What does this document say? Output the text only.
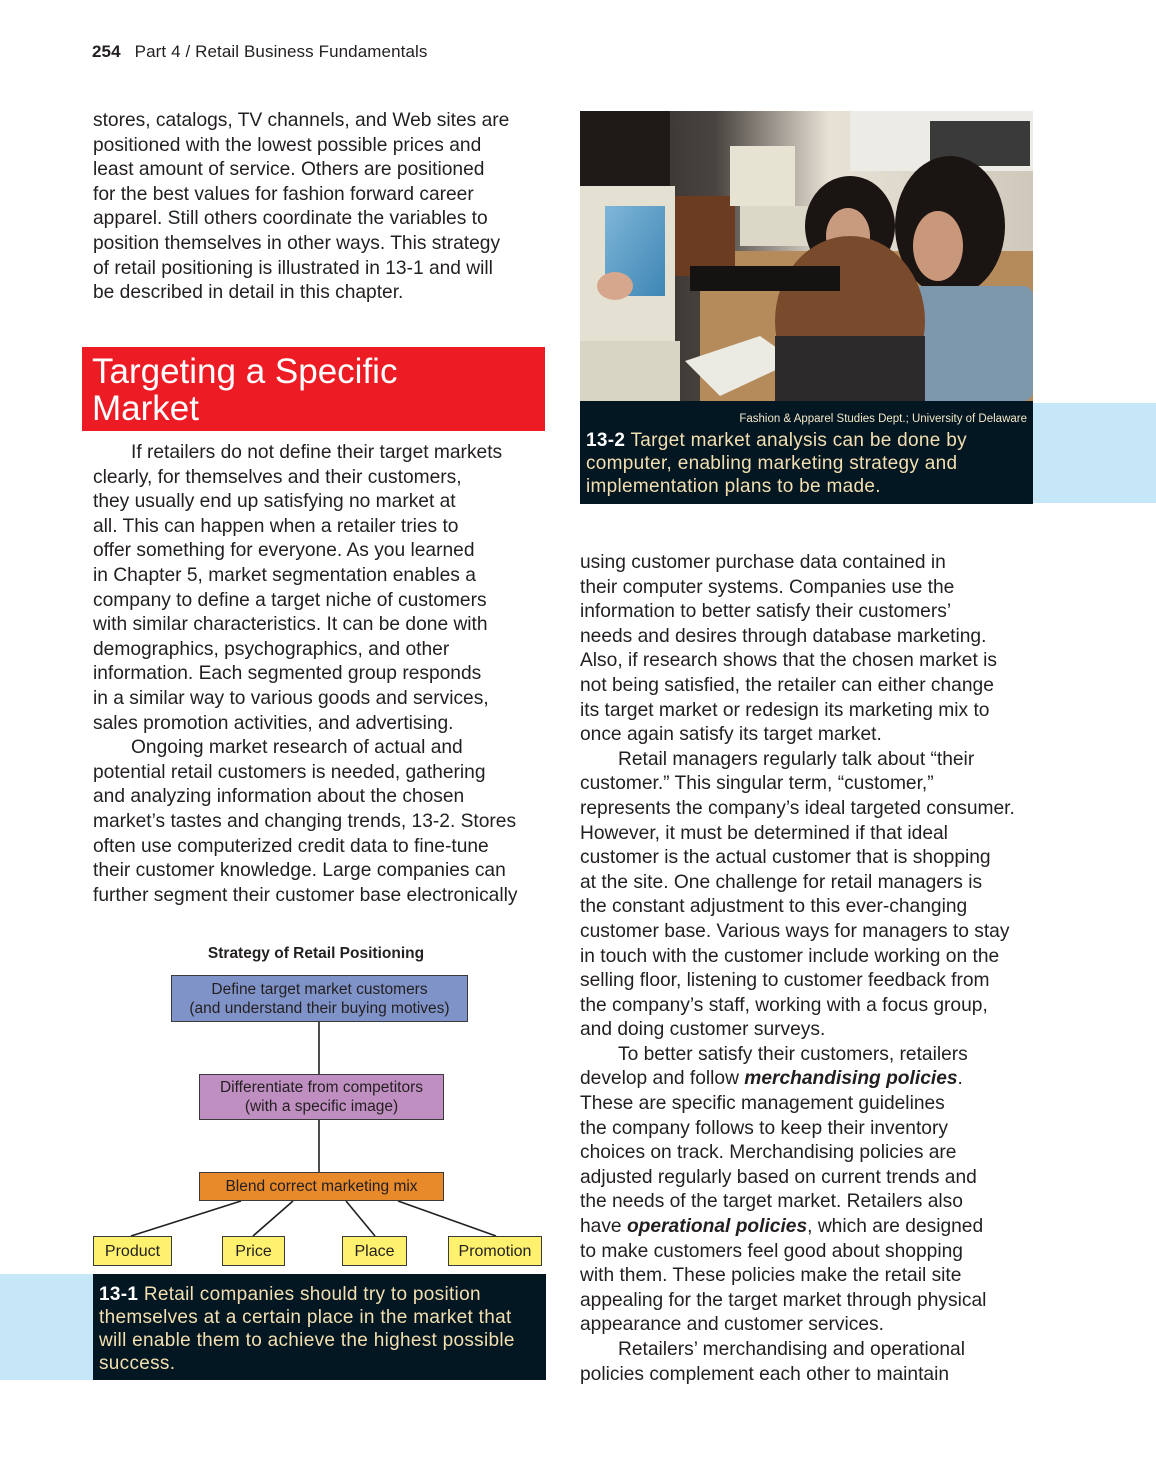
254 Part 4 / Retail Business Fundamentals

stores, catalogs, TV channels, and Web sites are

positioned with the lowest possible prices and

least amount of service. Others are positioned

for the best values for fashion forward career

apparel. Still others coordinate the variables to

position themselves in other ways. This strategy

of retail positioning is illustrated in 13-1 and will

be described in detail in this chapter.

Targeting a Specific
Market

If retailers do not define their target markets

clearly, for themselves and their customers,

they usually end up satisfying no market at

all. This can happen when a retailer tries to

offer something for everyone. As you learned

in Chapter 5, market segmentation enables a

company to define a target niche of customers

with similar characteristics. It can be done with

demographics, psychographics, and other

information. Each segmented group responds

in a similar way to various goods and services,

sales promotion activities, and advertising.

Ongoing market research of actual and

potential retail customers is needed, gathering

and analyzing information about the chosen

market’s tastes and changing trends, 13-2. Stores

often use computerized credit data to fine-tune

their customer knowledge. Large companies can

further segment their customer base electronically

Strategy of Retail Positioning
Define target market customers
(and understand their buying motives)
Differentiate from competitors
(with a specific image)
Blend correct marketing mix
Product	Price	Place	Promotion
13-1 Retail companies should try to position themselves at a certain place in the market that will enable them to achieve the highest possible success.
Fashion & Apparel Studies Dept.; University of Delaware
13-2 Target market analysis can be done by computer, enabling marketing strategy and implementation plans to be made.

using customer purchase data contained in

their computer systems. Companies use the

information to better satisfy their customers’

needs and desires through database marketing.

Also, if research shows that the chosen market is

not being satisfied, the retailer can either change

its target market or redesign its marketing mix to

once again satisfy its target market.

Retail managers regularly talk about “their

customer.” This singular term, “customer,”

represents the company’s ideal targeted consumer.

However, it must be determined if that ideal

customer is the actual customer that is shopping

at the site. One challenge for retail managers is

the constant adjustment to this ever-changing

customer base. Various ways for managers to stay

in touch with the customer include working on the

selling floor, listening to customer feedback from

the company’s staff, working with a focus group,

and doing customer surveys.

To better satisfy their customers, retailers

develop and follow merchandising policies.

These are specific management guidelines

the company follows to keep their inventory

choices on track. Merchandising policies are

adjusted regularly based on current trends and

the needs of the target market. Retailers also

have operational policies, which are designed

to make customers feel good about shopping

with them. These policies make the retail site

appealing for the target market through physical

appearance and customer services.

Retailers’ merchandising and operational

policies complement each other to maintain
